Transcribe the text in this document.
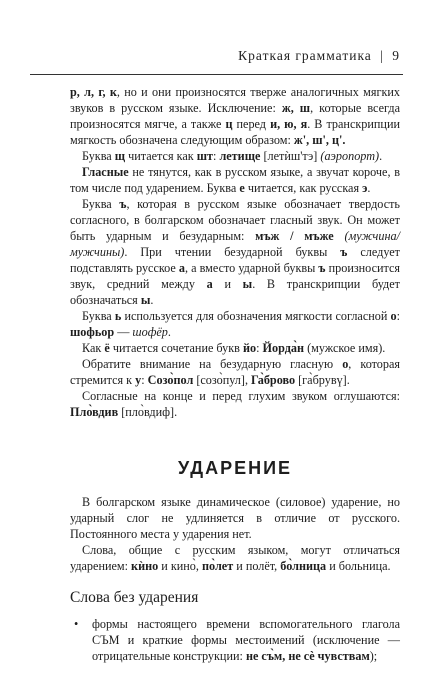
Краткая грамматика | 9

р, л, г, к, но и они произносятся тверже аналогичных мягких звуков в русском языке. Исключение: ж, ш, которые всегда произносятся мягче, а также ц перед и, ю, я. В транскрипции мягкость обозначена следующим образом: ж', ш', ц'.

Буква щ читается как шт: летище [летѝш'тэ] (аэропорт).

Гласные не тянутся, как в русском языке, а звучат короче, в том числе под ударением. Буква е читается, как русская э.

Буква ъ, которая в русском языке обозначает твердость согласного, в болгарском обозначает гласный звук. Он может быть ударным и безударным: мъж / мъже (мужчина/мужчины). При чтении безударной буквы ъ следует подставлять русское а, а вместо ударной буквы ъ произносится звук, средний между а и ы. В транскрипции будет обозначаться ы.

Буква ь используется для обозначения мягкости согласной о: шофьор — шофёр.

Как ё читается сочетание букв йо: Йорда̀н (мужское имя).

Обратите внимание на безударную гласную о, которая стремится к у: Созо̀пол [созо̀пул], Га̀брово [га̀брувү].

Согласные на конце и перед глухим звуком оглушаются: Пло̀вдив [пло̀вдиф].

УДАРЕНИЕ

В болгарском языке динамическое (силовое) ударение, но ударный слог не удлиняется в отличие от русского. Постоянного места у ударения нет.

Слова, общие с русским языком, могут отличаться ударением: кѝно и кино̀, по̀лет и полёт, бо̀лница и больница.

Слова без ударения
• формы настоящего времени вспомогательного глагола СЪМ и краткие формы местоимений (исключение — отрицательные конструкции: не съ̀м, не сѐ чувствам);
